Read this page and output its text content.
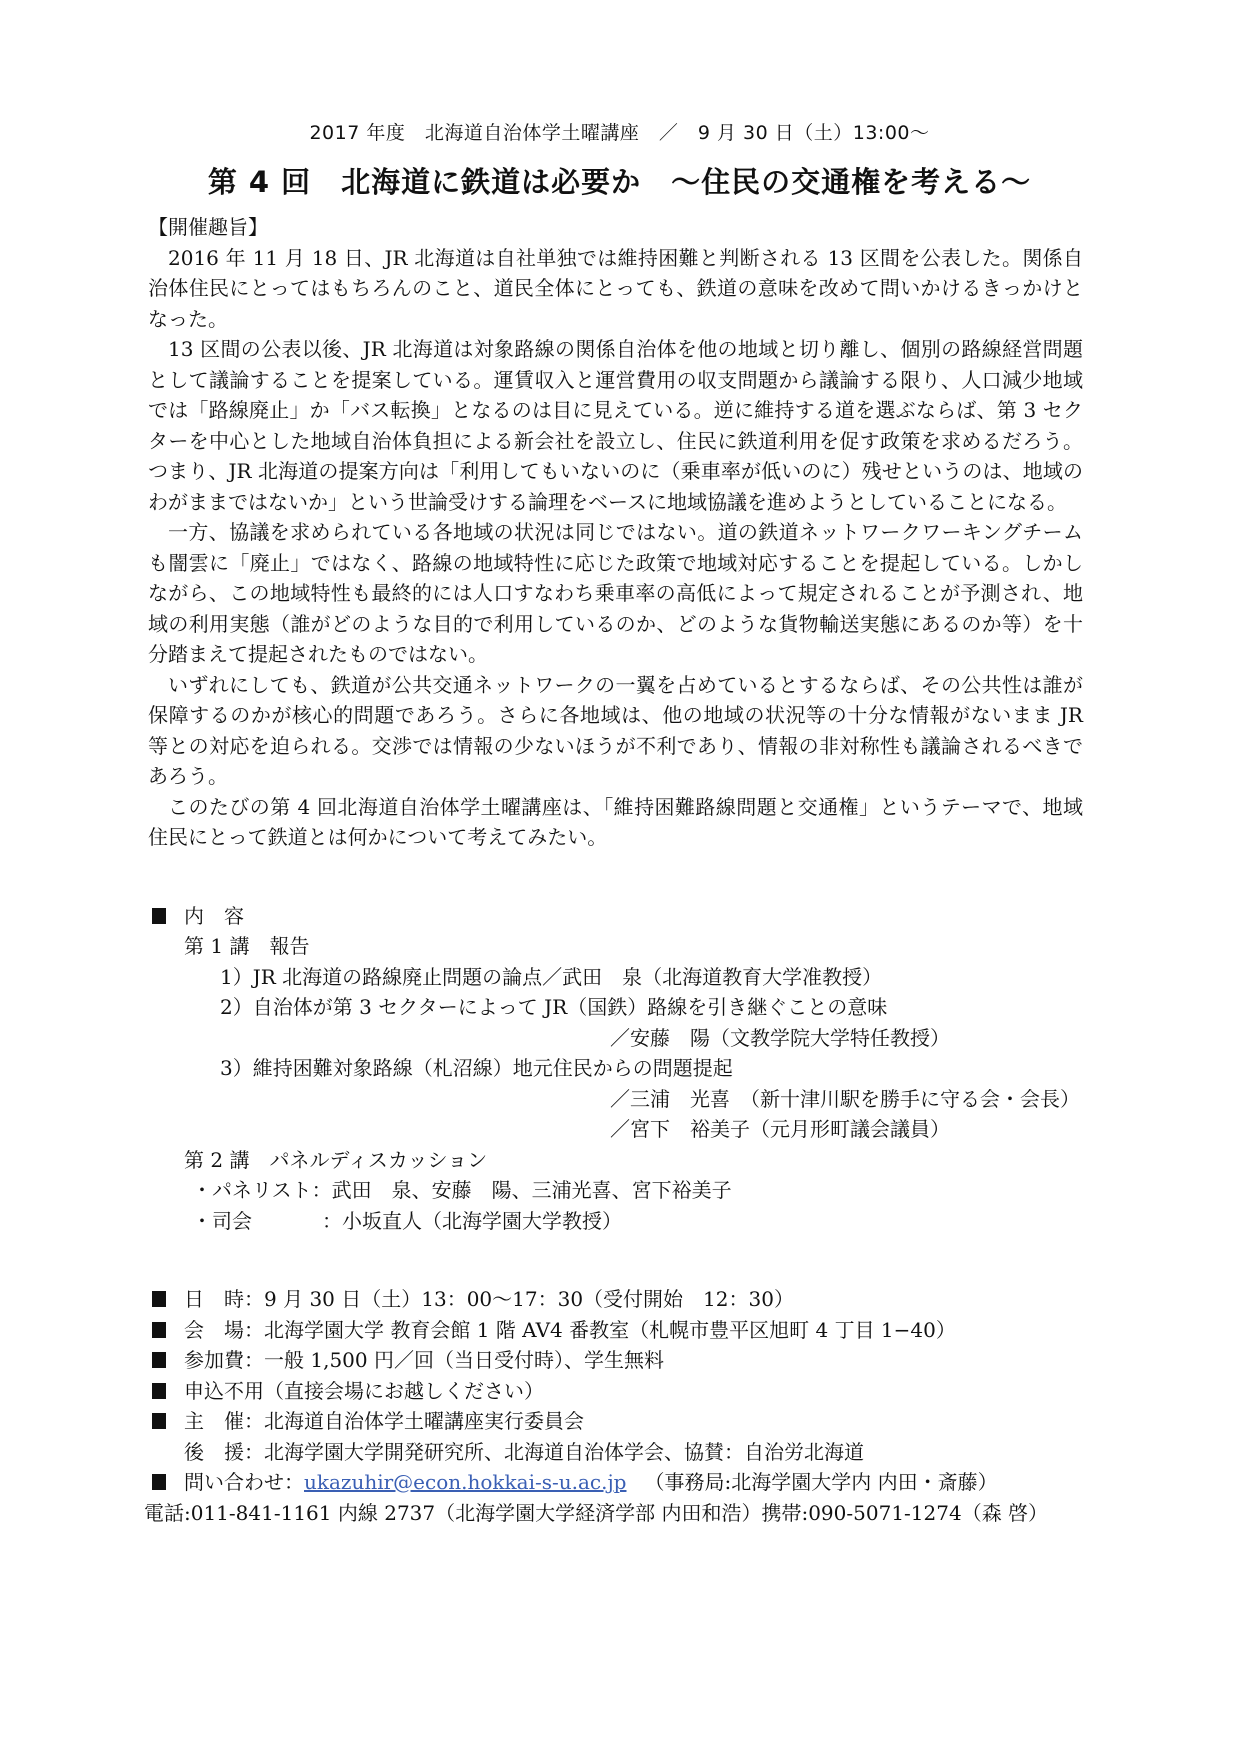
2017 年度　北海道自治体学土曜講座　／　9 月 30 日（土）13:00～
第 4 回　北海道に鉄道は必要か　～住民の交通権を考える～
【開催趣旨】

2016 年 11 月 18 日、JR 北海道は自社単独では維持困難と判断される 13 区間を公表した。関係自治体住民にとってはもちろんのこと、道民全体にとっても、鉄道の意味を改めて問いかけるきっかけとなった。

13 区間の公表以後、JR 北海道は対象路線の関係自治体を他の地域と切り離し、個別の路線経営問題として議論することを提案している。運賃収入と運営費用の収支問題から議論する限り、人口減少地域では「路線廃止」か「バス転換」となるのは目に見えている。逆に維持する道を選ぶならば、第 3 セクターを中心とした地域自治体負担による新会社を設立し、住民に鉄道利用を促す政策を求めるだろう。つまり、JR 北海道の提案方向は「利用してもいないのに（乗車率が低いのに）残せというのは、地域のわがままではないか」という世論受けする論理をベースに地域協議を進めようとしていることになる。

一方、協議を求められている各地域の状況は同じではない。道の鉄道ネットワークワーキングチームも闇雲に「廃止」ではなく、路線の地域特性に応じた政策で地域対応することを提起している。しかしながら、この地域特性も最終的には人口すなわち乗車率の高低によって規定されることが予測され、地域の利用実態（誰がどのような目的で利用しているのか、どのような貨物輸送実態にあるのか等）を十分踏まえて提起されたものではない。

いずれにしても、鉄道が公共交通ネットワークの一翼を占めているとするならば、その公共性は誰が保障するのかが核心的問題であろう。さらに各地域は、他の地域の状況等の十分な情報がないまま JR 等との対応を迫られる。交渉では情報の少ないほうが不利であり、情報の非対称性も議論されるべきであろう。

このたびの第 4 回北海道自治体学土曜講座は、「維持困難路線問題と交通権」というテーマで、地域住民にとって鉄道とは何かについて考えてみたい。

内　容
第 1 講　報告
1）JR 北海道の路線廃止問題の論点／武田　泉（北海道教育大学准教授）
2）自治体が第 3 セクターによって JR（国鉄）路線を引き継ぐことの意味
／安藤　陽（文教学院大学特任教授）
3）維持困難対象路線（札沼線）地元住民からの問題提起
／三浦　光喜　（新十津川駅を勝手に守る会・会長）
／宮下　裕美子（元月形町議会議員）
第 2 講　パネルディスカッション
・パネリスト：武田　泉、安藤　陽、三浦光喜、宮下裕美子
・司会	：小坂直人（北海学園大学教授）
日　時：9 月 30 日（土）13：00～17：30（受付開始　12：30）
会　場：北海学園大学 教育会館 1 階 AV4 番教室（札幌市豊平区旭町 4 丁目 1−40）
参加費：一般 1,500 円／回（当日受付時）、学生無料
申込不用（直接会場にお越しください）
主　催：北海道自治体学土曜講座実行委員会
後　援：北海学園大学開発研究所、北海道自治体学会、協賛：自治労北海道
問い合わせ： ukazuhir@econ.hokkai-s-u.ac.jp （事務局:北海学園大学内 内田・斎藤）
電話:011-841-1161 内線 2737（北海学園大学経済学部 内田和浩）携帯:090-5071-1274（森 啓）
